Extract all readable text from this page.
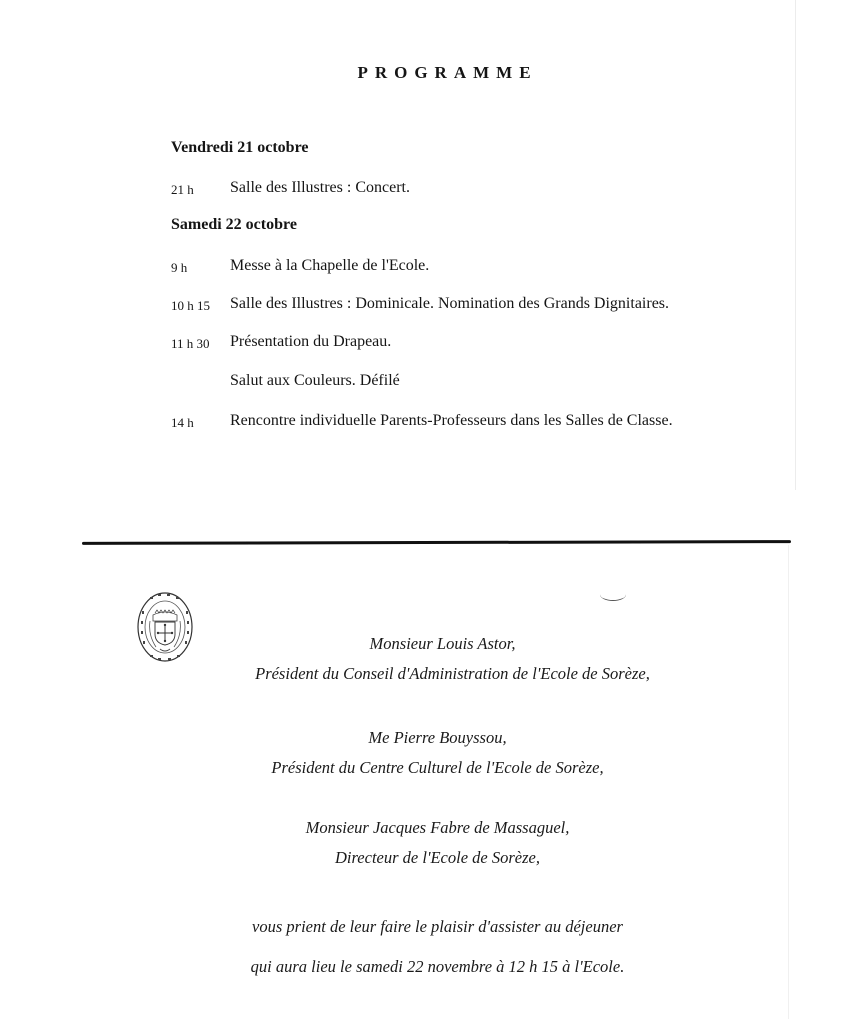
PROGRAMME
Vendredi 21 octobre
21 h Salle des Illustres : Concert.
Samedi 22 octobre
9 h	Messe à la Chapelle de l'Ecole.
10 h 15 Salle des Illustres : Dominicale. Nomination des Grands Dignitaires.
11 h 30 Présentation du Drapeau.
Salut aux Couleurs. Défilé
14 h Rencontre individuelle Parents-Professeurs dans les Salles de Classe.
Monsieur Louis Astor,
Président du Conseil d'Administration de l'Ecole de Sorèze,
Me Pierre Bouyssou,
Président du Centre Culturel de l'Ecole de Sorèze,
Monsieur Jacques Fabre de Massaguel,
Directeur de l'Ecole de Sorèze,
vous prient de leur faire le plaisir d'assister au déjeuner
qui aura lieu le samedi 22 novembre à 12 h 15 à l'Ecole.
